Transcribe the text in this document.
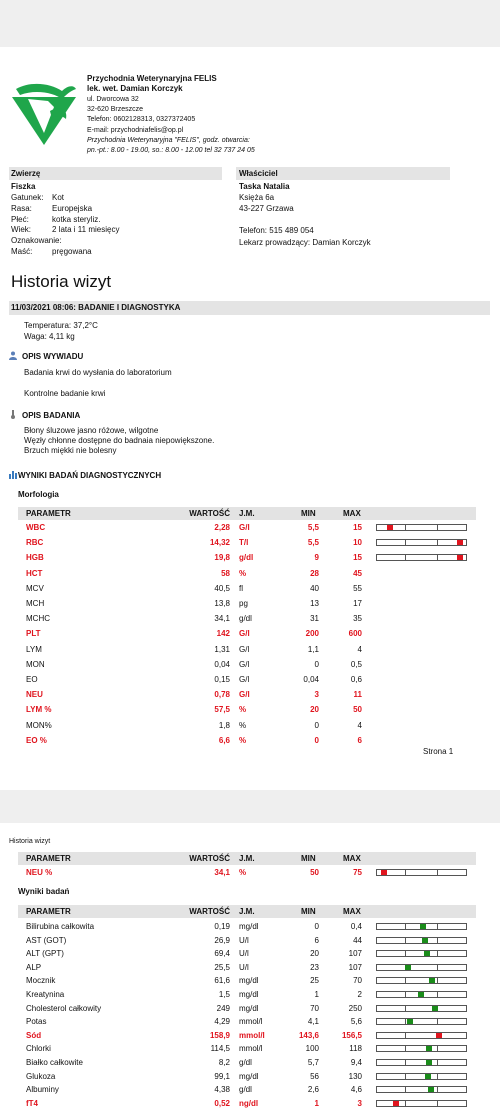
Przychodnia Weterynaryjna FELIS
lek. wet. Damian Korczyk
ul. Dworcowa 32
32-620 Brzeszcze
Telefon: 0602128313, 0327372405
E-mail: przychodniafelis@op.pl
Przychodnia Weterynaryjna "FELIS", godz. otwarcia:
pn.-pt.: 8.00 - 19.00, so.: 8.00 - 12.00 tel 32 737 24 05
Zwierzę	Właściciel
Fiszka
Gatunek: Kot
Rasa:	Europejska
Płeć:	kotka steryliz.
Wiek:	2 lata i 11 miesięcy
Oznakowanie:
Maść: pręgowana
Taska Natalia
Księża 6a
43-227 Grzawa
Telefon: 515 489 054
Lekarz prowadzący: Damian Korczyk
Historia wizyt
11/03/2021 08:06: BADANIE I DIAGNOSTYKA
Temperatura: 37,2°C
Waga: 4,11 kg
OPIS WYWIADU
Badania krwi do wysłania do laboratorium
Kontrolne badanie krwi
OPIS BADANIA
Błony śluzowe jasno różowe, wilgotne
Węzły chłonne dostępne do badnaia niepowiększone.
Brzuch miękki nie bolesny
WYNIKI BADAŃ DIAGNOSTYCZNYCH
Morfologia
PARAMETR	WARTOŚĆ J.M.	MIN	MAX
WBC	2,28 G/l	5,5	15
RBC	14,32 T/l	5,5	10
HGB	19,8 g/dl	9	15
HCT	58 %	28	45
MCV	40,5 fl	40	55
MCH	13,8 pg	13	17
MCHC	34,1 g/dl	31	35
PLT	142 G/l	200	600
LYM	1,31 G/l	1,1	4
MON	0,04 G/l	0	0,5
EO	0,15 G/l	0,04	0,6
NEU	0,78 G/l	3	11
LYM %	57,5 %	20	50
MON%	1,8 %	0	4
EO %	6,6 %	0	6
Strona 1
Historia wizyt
PARAMETR	WARTOŚĆ J.M.	MIN	MAX
NEU %	34,1 %	50	75
Wyniki badań
PARAMETR	WARTOŚĆ J.M.	MIN	MAX
Bilirubina całkowita	0,19 mg/dl	0	0,4
AST (GOT)	26,9 U/l	6	44
ALT (GPT)	69,4 U/l	20	107
ALP	25,5 U/l	23	107
Mocznik	61,6 mg/dl	25	70
Kreatynina	1,5 mg/dl	1	2
Cholesterol całkowity	249 mg/dl	70	250
Potas	4,29 mmol/l	4,1	5,6
Sód	158,9 mmol/l	143,6	156,5
Chlorki	114,5 mmol/l	100	118
Białko całkowite	8,2 g/dl	5,7	9,4
Glukoza	99,1 mg/dl	56	130
Albuminy	4,38 g/dl	2,6	4,6
fT4	0,52 ng/dl	1	3
